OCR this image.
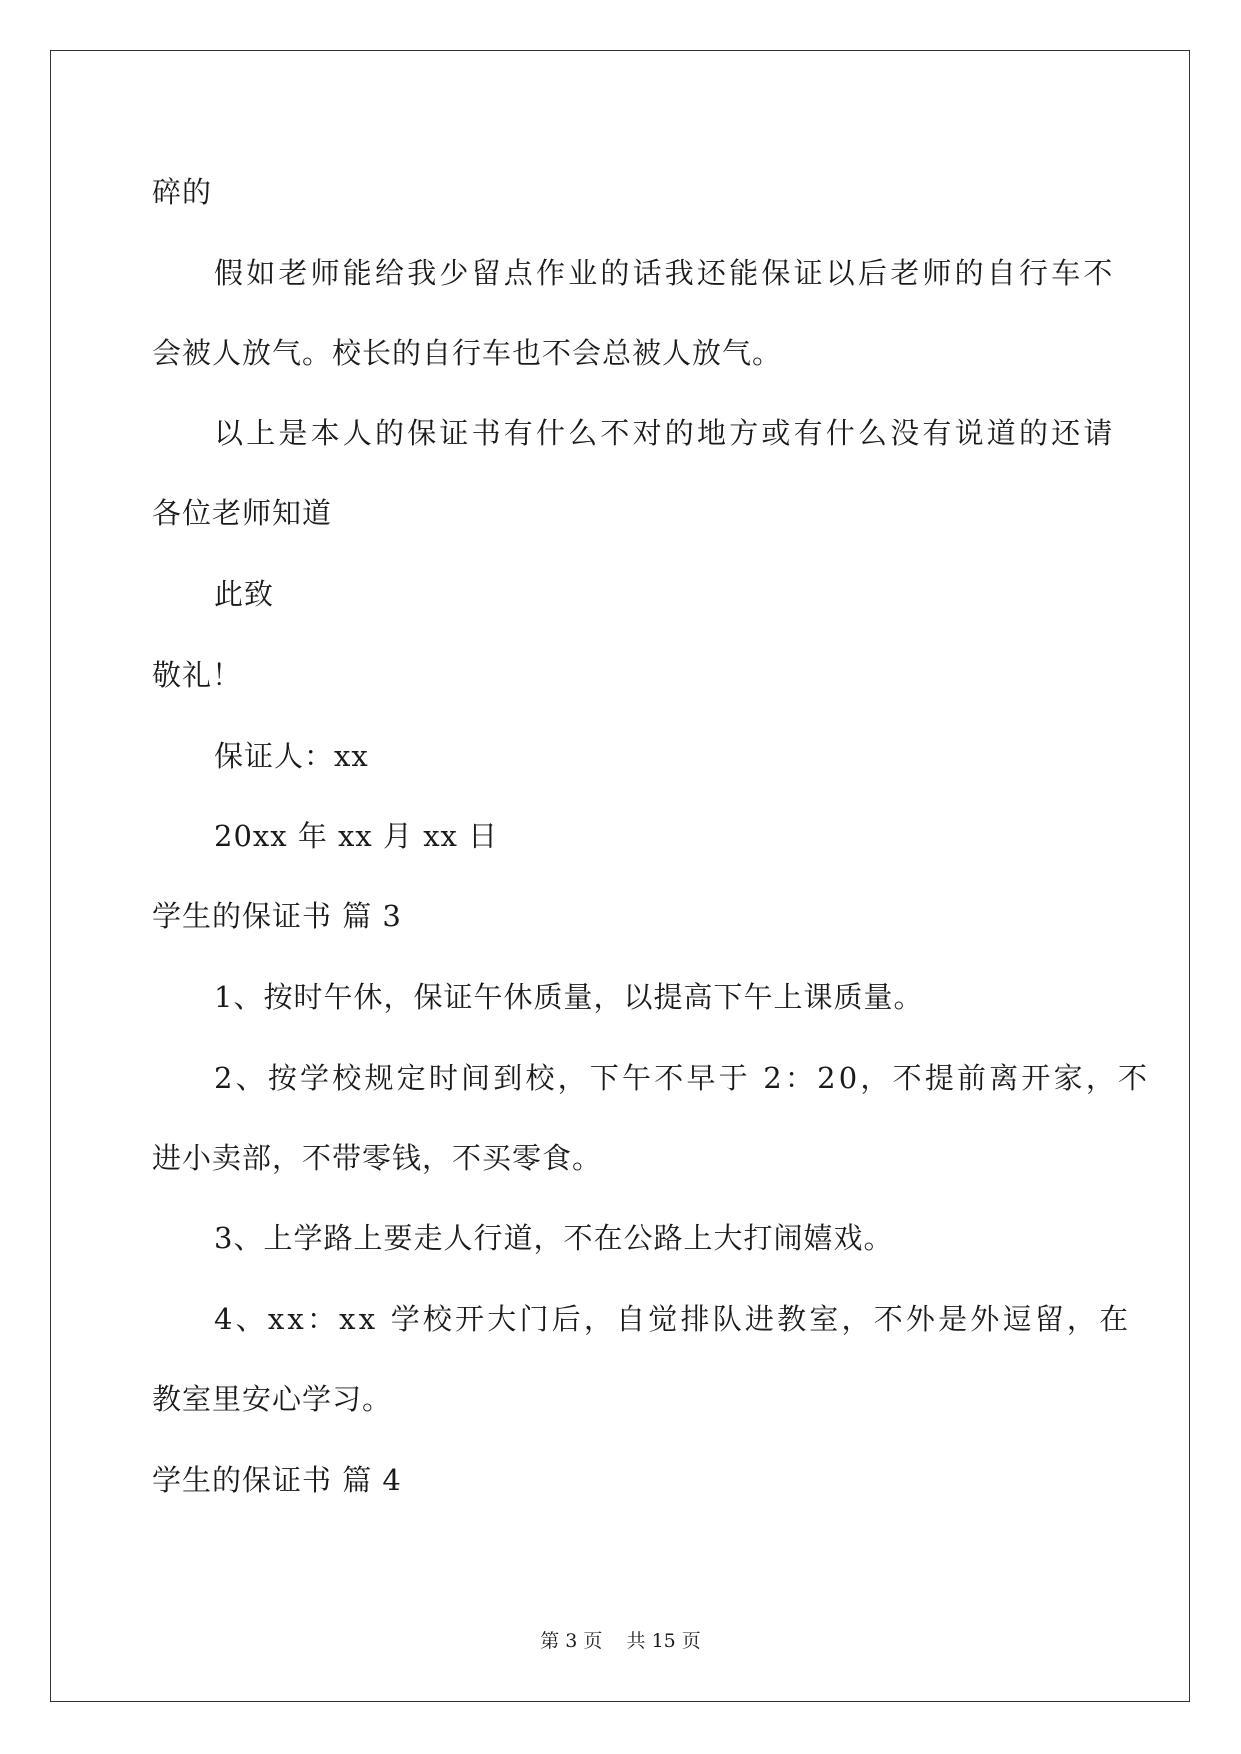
碎的
假如老师能给我少留点作业的话我还能保证以后老师的自行车不
会被人放气。校长的自行车也不会总被人放气。
以上是本人的保证书有什么不对的地方或有什么没有说道的还请
各位老师知道
此致
敬礼！
保证人：xx
20xx 年 xx 月 xx 日
学生的保证书 篇 3
1、按时午休，保证午休质量，以提高下午上课质量。
2、按学校规定时间到校，下午不早于 2：20，不提前离开家，不
进小卖部，不带零钱，不买零食。
3、上学路上要走人行道，不在公路上大打闹嬉戏。
4、xx：xx 学校开大门后，自觉排队进教室，不外是外逗留，在
教室里安心学习。
学生的保证书 篇 4
第 3 页    共 15 页
